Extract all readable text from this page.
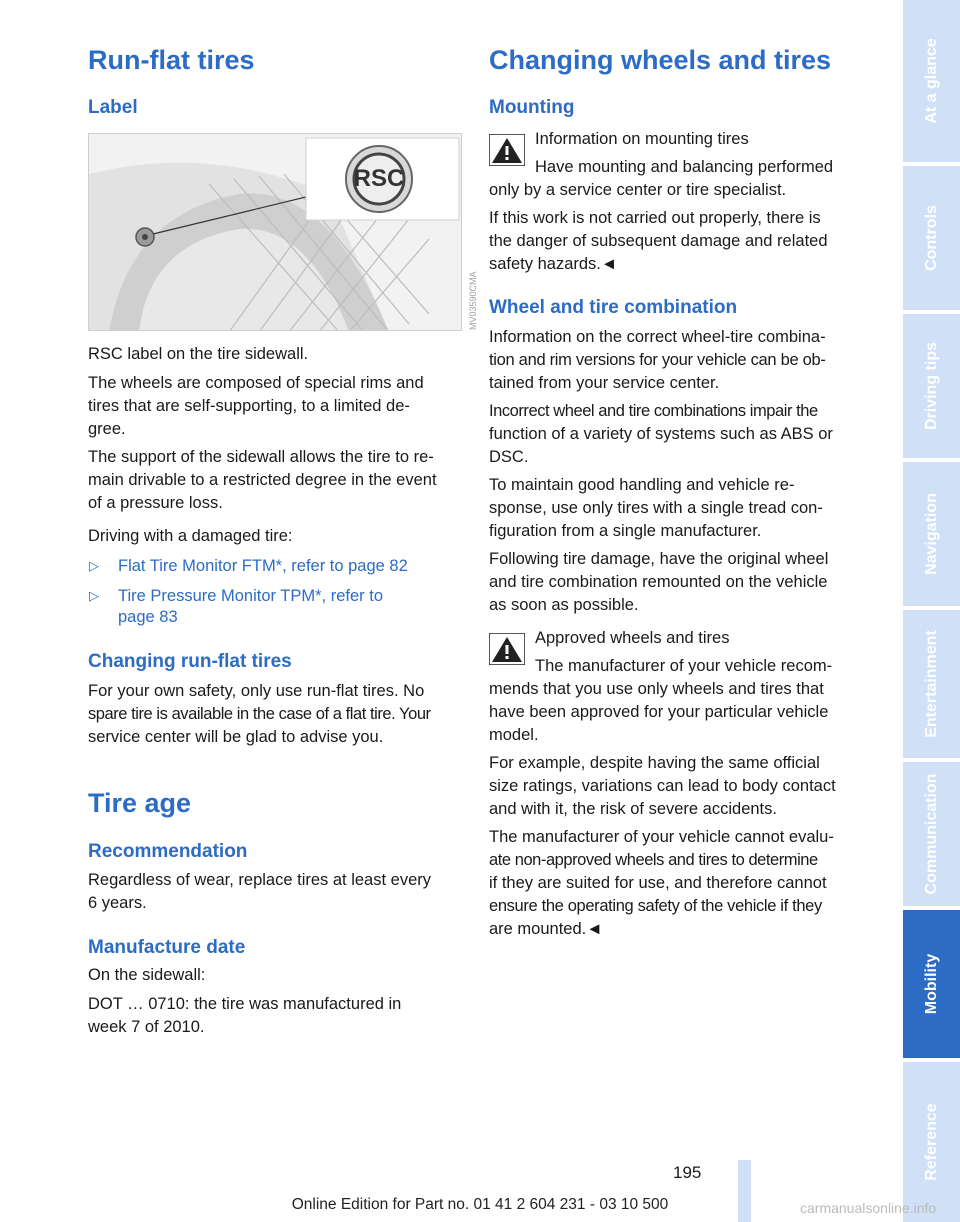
Run-flat tires
Label
RSC

RSC label on the tire sidewall.

The wheels are composed of special rims and

tires that are self-supporting, to a limited de-

gree.

The support of the sidewall allows the tire to re-

main drivable to a restricted degree in the event

of a pressure loss.

Driving with a damaged tire:

▷ Flat Tire Monitor FTM*, refer to page 82

▷ Tire Pressure Monitor TPM*, refer to

page 83

Changing run-flat tires

For your own safety, only use run-flat tires. No

spare tire is available in the case of a flat tire. Your

service center will be glad to advise you.

Tire age
Recommendation

Regardless of wear, replace tires at least every

6 years.

Manufacture date

On the sidewall:

DOT … 0710: the tire was manufactured in

week 7 of 2010.

MV03590CMA
Changing wheels and tires
Mounting

Information on mounting tires

Have mounting and balancing performed

only by a service center or tire specialist.

If this work is not carried out properly, there is

the danger of subsequent damage and related

safety hazards.◄

Wheel and tire combination

Information on the correct wheel-tire combina-

tion and rim versions for your vehicle can be ob-

tained from your service center.

Incorrect wheel and tire combinations impair the

function of a variety of systems such as ABS or

DSC.

To maintain good handling and vehicle re-

sponse, use only tires with a single tread con-

figuration from a single manufacturer.

Following tire damage, have the original wheel

and tire combination remounted on the vehicle

as soon as possible.

Approved wheels and tires

The manufacturer of your vehicle recom-

mends that you use only wheels and tires that

have been approved for your particular vehicle

model.

For example, despite having the same official

size ratings, variations can lead to body contact

and with it, the risk of severe accidents.

The manufacturer of your vehicle cannot evalu-

ate non-approved wheels and tires to determine

if they are suited for use, and therefore cannot

ensure the operating safety of the vehicle if they

are mounted.◄

At a glance
Controls
Driving tips
Navigation
Entertainment
Communication
Mobility
Reference
195
Online Edition for Part no. 01 41 2 604 231 - 03 10 500	carmanualsonline.info
